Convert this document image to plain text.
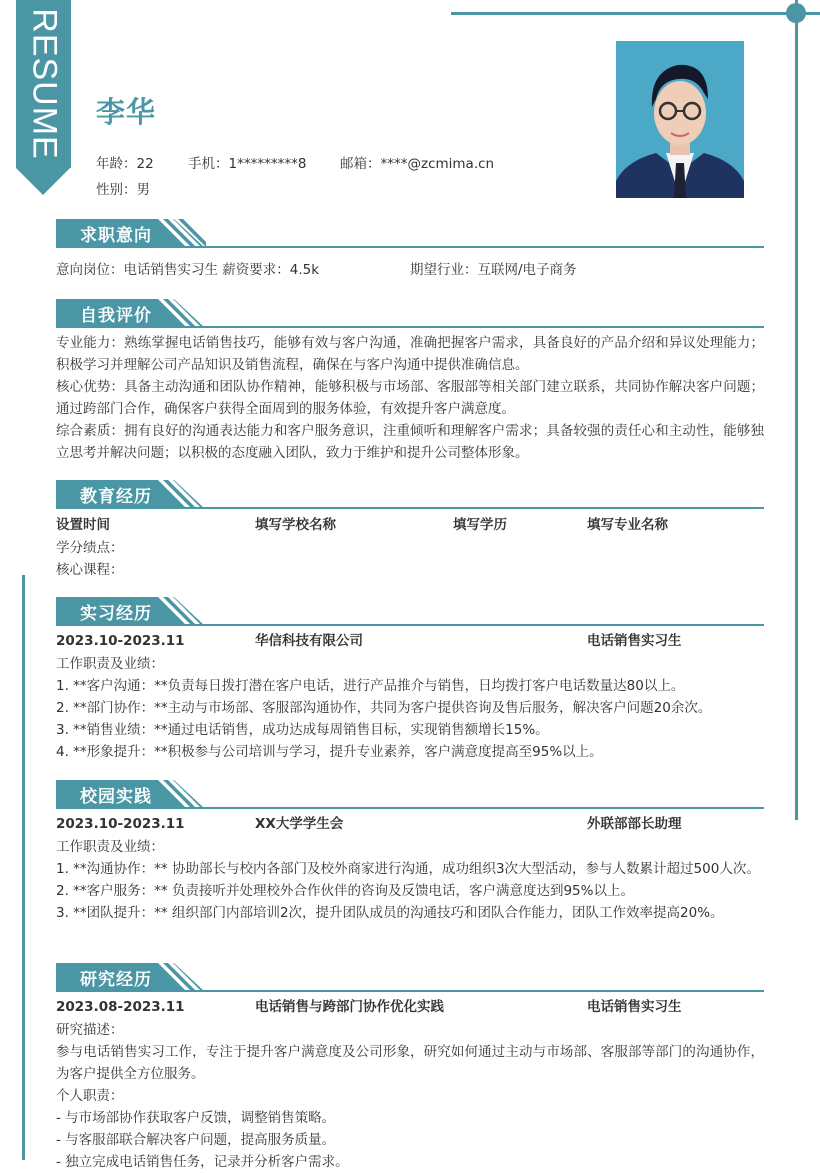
RESUME 李华
年龄：22	手机：1*********8 邮箱：****@zcmima.cn
性别：男
求职意向
意向岗位：电话销售实习生 薪资要求：4.5k	期望行业：互联网/电子商务
自我评价
专业能力：熟练掌握电话销售技巧，能够有效与客户沟通，准确把握客户需求，具备良好的产品介绍和异议处理能力；积极学习并理解公司产品知识及销售流程，确保在与客户沟通中提供准确信息。
核心优势：具备主动沟通和团队协作精神，能够积极与市场部、客服部等相关部门建立联系，共同协作解决客户问题；通过跨部门合作，确保客户获得全面周到的服务体验，有效提升客户满意度。
综合素质：拥有良好的沟通表达能力和客户服务意识，注重倾听和理解客户需求；具备较强的责任心和主动性，能够独立思考并解决问题；以积极的态度融入团队，致力于维护和提升公司整体形象。
教育经历
设置时间	填写学校名称	填写学历	填写专业名称
学分绩点：
核心课程：
实习经历
2023.10-2023.11	华信科技有限公司	电话销售实习生
工作职责及业绩：
1. **客户沟通：**负责每日拨打潜在客户电话，进行产品推介与销售，日均拨打客户电话数量达80以上。
2. **部门协作：**主动与市场部、客服部沟通协作，共同为客户提供咨询及售后服务，解决客户问题20余次。
3. **销售业绩：**通过电话销售，成功达成每周销售目标，实现销售额增长15%。
4. **形象提升：**积极参与公司培训与学习，提升专业素养，客户满意度提高至95%以上。
校园实践
2023.10-2023.11	XX大学学生会	外联部部长助理
工作职责及业绩：
1. **沟通协作：** 协助部长与校内各部门及校外商家进行沟通，成功组织3次大型活动，参与人数累计超过500人次。
2. **客户服务：** 负责接听并处理校外合作伙伴的咨询及反馈电话，客户满意度达到95%以上。
3. **团队提升：** 组织部门内部培训2次，提升团队成员的沟通技巧和团队合作能力，团队工作效率提高20%。
研究经历
2023.08-2023.11	电话销售与跨部门协作优化实践	电话销售实习生
研究描述：
参与电话销售实习工作，专注于提升客户满意度及公司形象，研究如何通过主动与市场部、客服部等部门的沟通协作，为客户提供全方位服务。
个人职责：
- 与市场部协作获取客户反馈，调整销售策略。
- 与客服部联合解决客户问题，提高服务质量。
- 独立完成电话销售任务，记录并分析客户需求。
